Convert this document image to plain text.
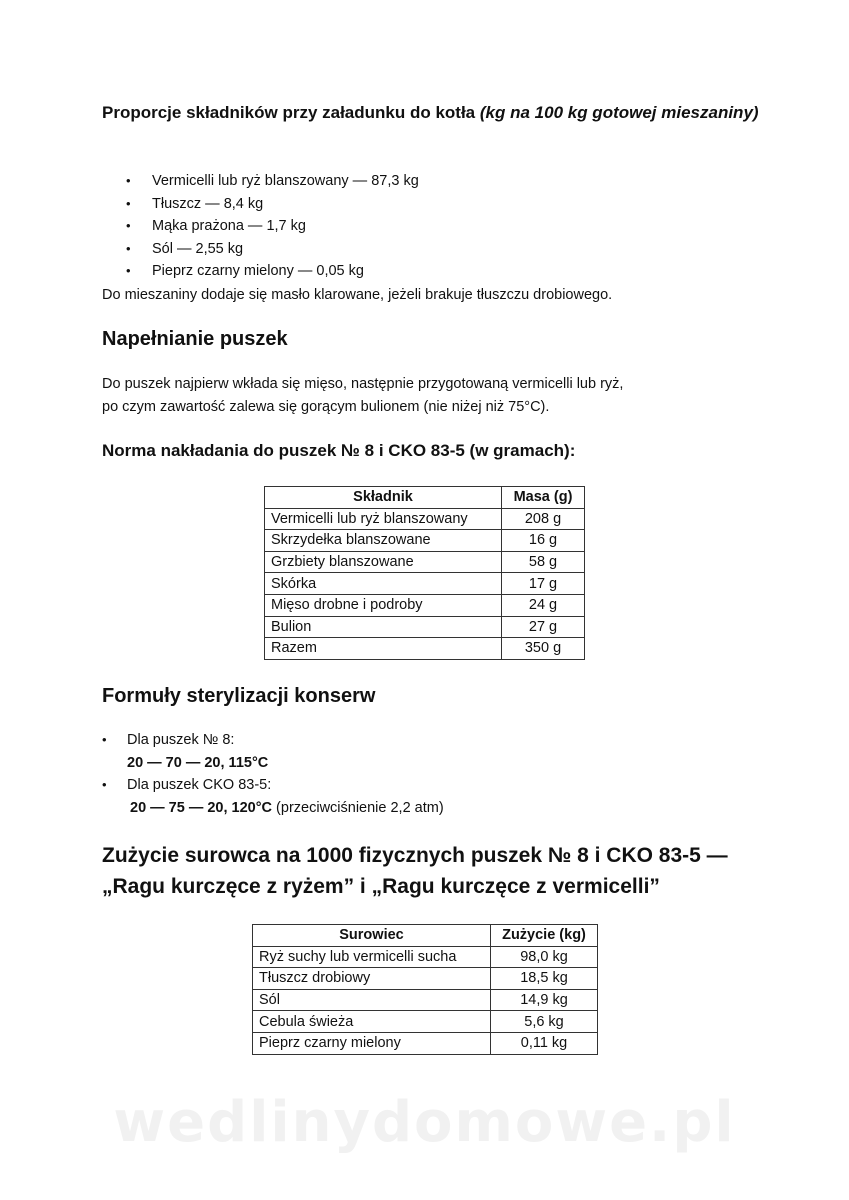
wedlinydomowe.pl
Proporcje składników przy załadunku do kotła (kg na 100 kg gotowej mieszaniny)
• Vermicelli lub ryż blanszowany — 87,3 kg
• Tłuszcz — 8,4 kg
• Mąka prażona — 1,7 kg
• Sól — 2,55 kg
• Pieprz czarny mielony — 0,05 kg

Do mieszaniny dodaje się masło klarowane, jeżeli brakuje tłuszczu drobiowego.

Napełnianie puszek

Do puszek najpierw wkłada się mięso, następnie przygotowaną vermicelli lub ryż,
po czym zawartość zalewa się gorącym bulionem (nie niżej niż 75°C).

Norma nakładania do puszek № 8 i CKO 83-5 (w gramach):
Składnik	Masa (g)
Vermicelli lub ryż blanszowany	208 g
Skrzydełka blanszowane	16 g
Grzbiety blanszowane	58 g
Skórka	17 g
Mięso drobne i podroby	24 g
Bulion	27 g
Razem	350 g
Formuły sterylizacji konserw
• Dla puszek № 8:
20 — 70 — 20, 115°C
• Dla puszek CKO 83-5:
20 — 75 — 20, 120°C (przeciwciśnienie 2,2 atm)
Zużycie surowca na 1000 fizycznych puszek № 8 i CKO 83-5 —
„Ragu kurczęce z ryżem” i „Ragu kurczęce z vermicelli”
Surowiec	Zużycie (kg)
Ryż suchy lub vermicelli sucha	98,0 kg
Tłuszcz drobiowy	18,5 kg
Sól	14,9 kg
Cebula świeża	5,6 kg
Pieprz czarny mielony	0,11 kg
